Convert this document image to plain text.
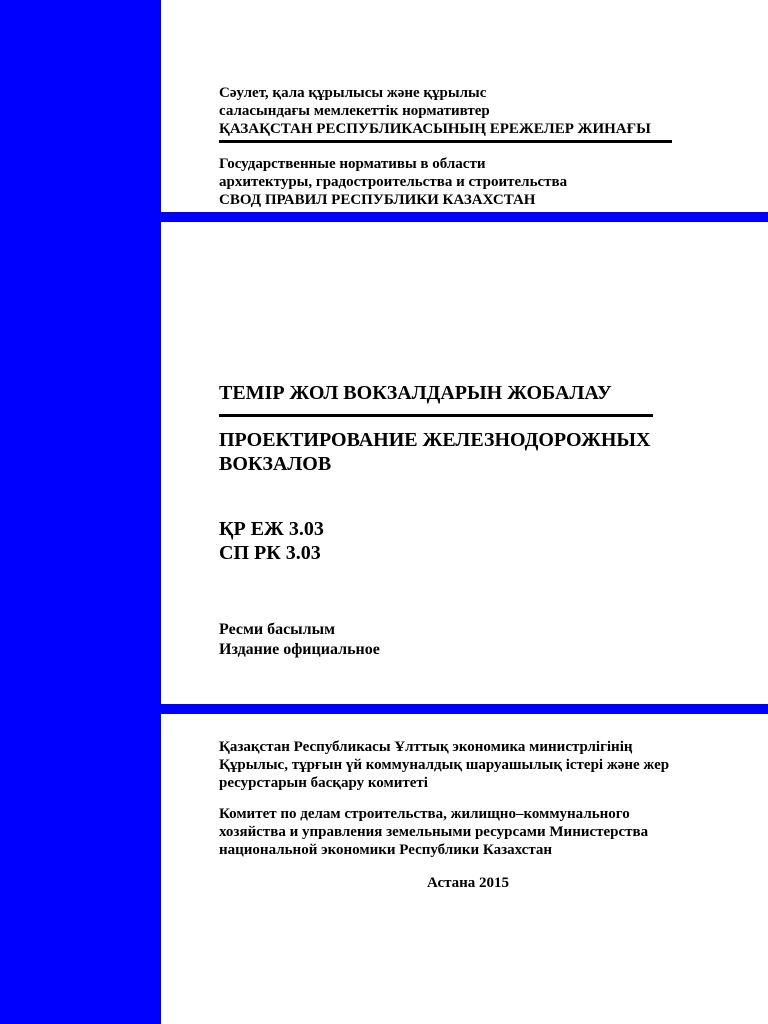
Сәулет, қала құрылысы және құрылыс
саласындағы мемлекеттік нормативтер
ҚАЗАҚСТАН РЕСПУБЛИКАСЫНЫҢ ЕРЕЖЕЛЕР ЖИНАҒЫ
Государственные нормативы в области
архитектуры, градостроительства и строительства
СВОД ПРАВИЛ РЕСПУБЛИКИ КАЗАХСТАН
ТЕМІР ЖОЛ ВОКЗАЛДАРЫН ЖОБАЛАУ
ПРОЕКТИРОВАНИЕ ЖЕЛЕЗНОДОРОЖНЫХ
ВОКЗАЛОВ
ҚР ЕЖ 3.03
СП РК 3.03
Ресми басылым
Издание официальное
Қазақстан Республикасы Ұлттық экономика министрлігінің
Құрылыс, тұрғын үй коммуналдық шаруашылық істері және жер
ресурстарын басқару комитеті
Комитет по делам строительства, жилищно–коммунального
хозяйства и управления земельными ресурсами Министерства
национальной экономики Республики Казахстан
Астана 2015
